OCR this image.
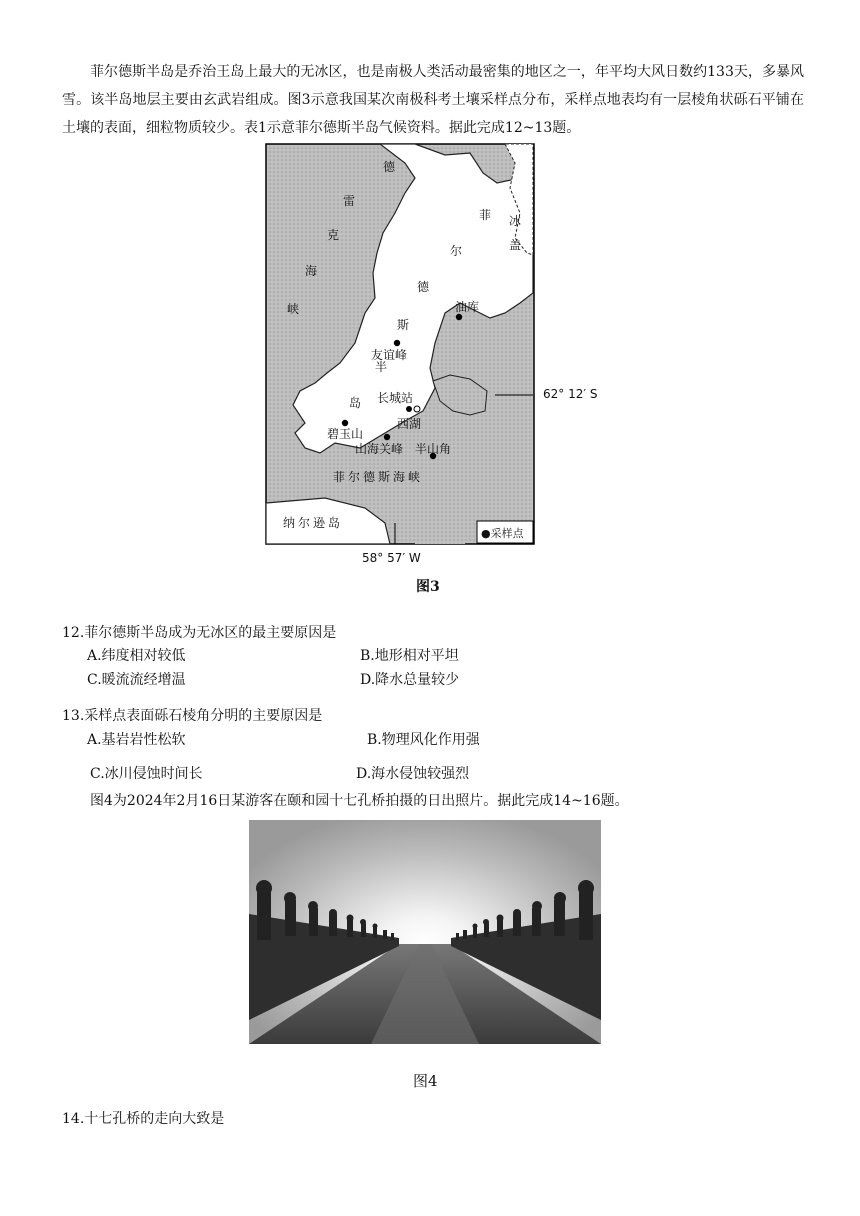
菲尔德斯半岛是乔治王岛上最大的无冰区，也是南极人类活动最密集的地区之一，年平均大风日数约133天，多暴风雪。该半岛地层主要由玄武岩组成。图3示意我国某次南极科考土壤采样点分布，采样点地表均有一层棱角状砾石平铺在土壤的表面，细粒物质较少。表1示意菲尔德斯半岛气候资料。据此完成12~13题。
德
雷
克
海
峡
冰
盖
菲
尔
德
斯
半
岛
油库
友谊峰
长城站
西湖
碧玉山
山海关峰 半山角
菲尔德斯海峡
纳尔逊岛
●采样点
62° 12′ S
58° 57′ W
图3
12.菲尔德斯半岛成为无冰区的最主要原因是
A.纬度相对较低	B.地形相对平坦
C.暖流流经增温	D.降水总量较少
13.采样点表面砾石棱角分明的主要原因是
A.基岩岩性松软	B.物理风化作用强
C.冰川侵蚀时间长	D.海水侵蚀较强烈
图4为2024年2月16日某游客在颐和园十七孔桥拍摄的日出照片。据此完成14~16题。
图4
14.十七孔桥的走向大致是
